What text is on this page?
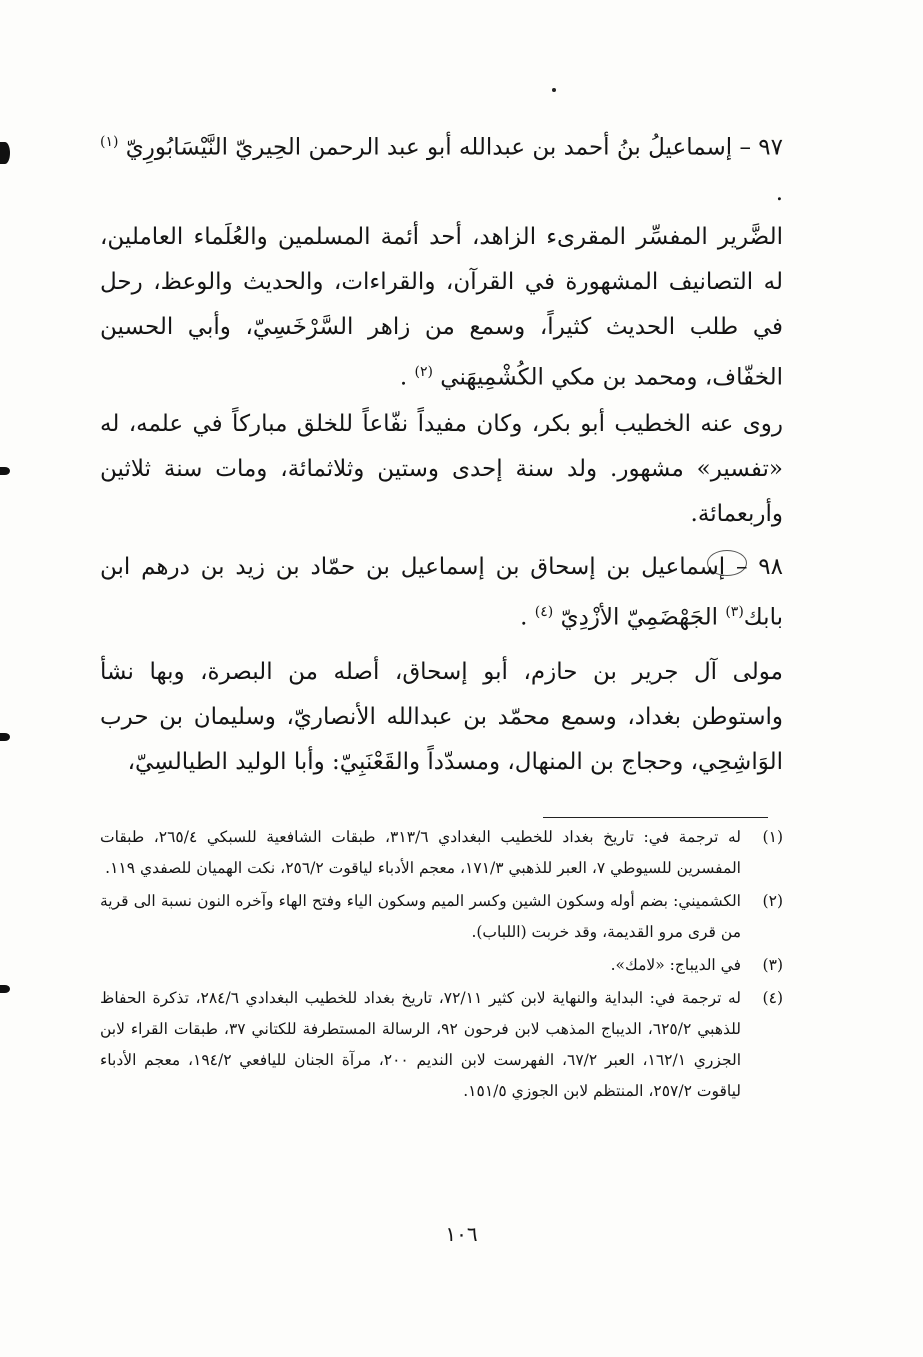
٩٧ – إسماعيلُ بنُ أحمد بن عبدالله أبو عبد الرحمن الحِيريّ النَّيْسَابُورِيّ $^{(١)}$ .
الضَّرير المفسِّر المقرىء الزاهد، أحد أئمة المسلمين والعُلَماء العاملين، له التصانيف المشهورة في القرآن، والقراءات، والحديث والوعظ، رحل في طلب الحديث كثيراً، وسمع من زاهر السَّرْخَسِيّ، وأبي الحسين الخفّاف، ومحمد بن مكي الكُشْمِيهَني $^{(٢)}$ .
روى عنه الخطيب أبو بكر، وكان مفيداً نفّاعاً للخلق مباركاً في علمه، له «تفسير» مشهور. ولد سنة إحدى وستين وثلاثمائة، ومات سنة ثلاثين وأربعمائة.
٩٨ – إسماعيل بن إسحاق بن إسماعيل بن حمّاد بن زيد بن درهم ابن بابك$^{(٣)}$ الجَهْضَمِيّ الأزْدِيّ $^{(٤)}$ .
مولى آل جرير بن حازم، أبو إسحاق، أصله من البصرة، وبها نشأ واستوطن بغداد، وسمع محمّد بن عبدالله الأنصاريّ، وسليمان بن حرب الوَاشِحِي، وحجاج بن المنهال، ومسدّداً والقَعْنَبِيّ: وأبا الوليد الطيالسِيّ،
(١)
له ترجمة في: تاريخ بغداد للخطيب البغدادي ٣١٣/٦، طبقات الشافعية للسبكي ٢٦٥/٤، طبقات المفسرين للسيوطي ٧، العبر للذهبي ١٧١/٣، معجم الأدباء لياقوت ٢٥٦/٢، نكت الهميان للصفدي ١١٩.
(٢)
الكشميني: بضم أوله وسكون الشين وكسر الميم وسكون الياء وفتح الهاء وآخره النون نسبة الى قرية من قرى مرو القديمة، وقد خربت (اللباب).
(٣)
في الديباج: «لامك».
(٤)
له ترجمة في: البداية والنهاية لابن كثير ٧٢/١١، تاريخ بغداد للخطيب البغدادي ٢٨٤/٦، تذكرة الحفاظ للذهبي ٦٢٥/٢، الديباج المذهب لابن فرحون ٩٢، الرسالة المستطرفة للكتاني ٣٧، طبقات القراء لابن الجزري ١٦٢/١، العبر ٦٧/٢، الفهرست لابن النديم ٢٠٠، مرآة الجنان لليافعي ١٩٤/٢، معجم الأدباء لياقوت ٢٥٧/٢، المنتظم لابن الجوزي ١٥١/٥.
١٠٦
